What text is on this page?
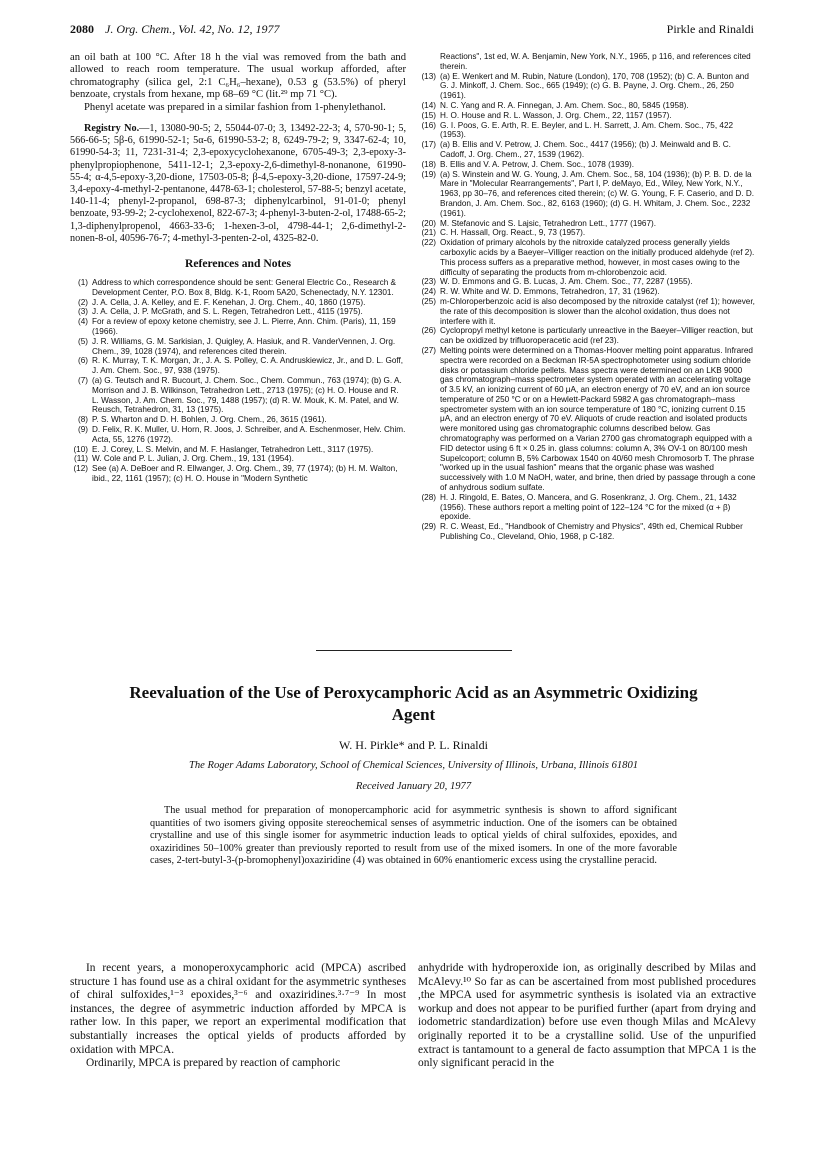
2080 J. Org. Chem., Vol. 42, No. 12, 1977	Pirkle and Rinaldi

an oil bath at 100 °C. After 18 h the vial was removed from the bath and allowed to reach room temperature. The usual workup afforded, after chromatography (silica gel, 2:1 C₆H₆–hexane), 0.53 g (53.5%) of pheryl benzoate, crystals from hexane, mp 68–69 °C (lit.²⁹ mp 71 °C).

Phenyl acetate was prepared in a similar fashion from 1-phenylethanol.

Registry No.—1, 13080-90-5; 2, 55044-07-0; 3, 13492-22-3; 4, 570-90-1; 5, 566-66-5; 5β-6, 61990-52-1; 5α-6, 61990-53-2; 8, 6249-79-2; 9, 3347-62-4; 10, 61990-54-3; 11, 7231-31-4; 2,3-epoxycyclohexanone, 6705-49-3; 2,3-epoxy-3-phenylpropiophenone, 5411-12-1; 2,3-epoxy-2,6-dimethyl-8-nonanone, 61990-55-4; α-4,5-epoxy-3,20-dione, 17503-05-8; β-4,5-epoxy-3,20-dione, 17597-24-9; 3,4-epoxy-4-methyl-2-pentanone, 4478-63-1; cholesterol, 57-88-5; benzyl acetate, 140-11-4; phenyl-2-propanol, 698-87-3; diphenylcarbinol, 91-01-0; phenyl benzoate, 93-99-2; 2-cyclohexenol, 822-67-3; 4-phenyl-3-buten-2-ol, 17488-65-2; 1,3-diphenylpropenol, 4663-33-6; 1-hexen-3-ol, 4798-44-1; 2,6-dimethyl-2-nonen-8-ol, 40596-76-7; 4-methyl-3-penten-2-ol, 4325-82-0.

References and Notes
(1) Address to which correspondence should be sent: General Electric Co., Research & Development Center, P.O. Box 8, Bldg. K-1, Room 5A20, Schenectady, N.Y. 12301.
(2) J. A. Cella, J. A. Kelley, and E. F. Kenehan, J. Org. Chem., 40, 1860 (1975).
(3) J. A. Cella, J. P. McGrath, and S. L. Regen, Tetrahedron Lett., 4115 (1975).
(4) For a review of epoxy ketone chemistry, see J. L. Pierre, Ann. Chim. (Paris), 11, 159 (1966).
(5) J. R. Williams, G. M. Sarkisian, J. Quigley, A. Hasiuk, and R. VanderVennen, J. Org. Chem., 39, 1028 (1974), and references cited therein.
(6) R. K. Murray, T. K. Morgan, Jr., J. A. S. Polley, C. A. Andruskiewicz, Jr., and D. L. Goff, J. Am. Chem. Soc., 97, 938 (1975).
(7) (a) G. Teutsch and R. Bucourt, J. Chem. Soc., Chem. Commun., 763 (1974); (b) G. A. Morrison and J. B. Wilkinson, Tetrahedron Lett., 2713 (1975); (c) H. O. House and R. L. Wasson, J. Am. Chem. Soc., 79, 1488 (1957); (d) R. W. Mouk, K. M. Patel, and W. Reusch, Tetrahedron, 31, 13 (1975).
(8) P. S. Wharton and D. H. Bohlen, J. Org. Chem., 26, 3615 (1961).
(9) D. Felix, R. K. Muller, U. Horn, R. Joos, J. Schreiber, and A. Eschenmoser, Helv. Chim. Acta, 55, 1276 (1972).
(10) E. J. Corey, L. S. Melvin, and M. F. Haslanger, Tetrahedron Lett., 3117 (1975).
(11) W. Cole and P. L. Julian, J. Org. Chem., 19, 131 (1954).
(12) See (a) A. DeBoer and R. Ellwanger, J. Org. Chem., 39, 77 (1974); (b) H. M. Walton, ibid., 22, 1161 (1957); (c) H. O. House in "Modern Synthetic
Reactions", 1st ed, W. A. Benjamin, New York, N.Y., 1965, p 116, and references cited therein.
(13) (a) E. Wenkert and M. Rubin, Nature (London), 170, 708 (1952); (b) C. A. Bunton and G. J. Minkoff, J. Chem. Soc., 665 (1949); (c) G. B. Payne, J. Org. Chem., 26, 250 (1961).
(14) N. C. Yang and R. A. Finnegan, J. Am. Chem. Soc., 80, 5845 (1958).
(15) H. O. House and R. L. Wasson, J. Org. Chem., 22, 1157 (1957).
(16) G. I. Poos, G. E. Arth, R. E. Beyler, and L. H. Sarrett, J. Am. Chem. Soc., 75, 422 (1953).
(17) (a) B. Ellis and V. Petrow, J. Chem. Soc., 4417 (1956); (b) J. Meinwald and B. C. Cadoff, J. Org. Chem., 27, 1539 (1962).
(18) B. Ellis and V. A. Petrow, J. Chem. Soc., 1078 (1939).
(19) (a) S. Winstein and W. G. Young, J. Am. Chem. Soc., 58, 104 (1936); (b) P. B. D. de la Mare in "Molecular Rearrangements", Part I, P. deMayo, Ed., Wiley, New York, N.Y., 1963, pp 30–76, and references cited therein; (c) W. G. Young, F. F. Caserio, and D. D. Brandon, J. Am. Chem. Soc., 82, 6163 (1960); (d) G. H. Whitam, J. Chem. Soc., 2232 (1961).
(20) M. Stefanovic and S. Lajsic, Tetrahedron Lett., 1777 (1967).
(21) C. H. Hassall, Org. React., 9, 73 (1957).
(22) Oxidation of primary alcohols by the nitroxide catalyzed process generally yields carboxylic acids by a Baeyer–Villiger reaction on the initially produced aldehyde (ref 2). This process suffers as a preparative method, however, in most cases owing to the difficulty of separating the products from m-chlorobenzoic acid.
(23) W. D. Emmons and G. B. Lucas, J. Am. Chem. Soc., 77, 2287 (1955).
(24) R. W. White and W. D. Emmons, Tetrahedron, 17, 31 (1962).
(25) m-Chloroperbenzoic acid is also decomposed by the nitroxide catalyst (ref 1); however, the rate of this decomposition is slower than the alcohol oxidation, thus does not interfere with it.
(26) Cyclopropyl methyl ketone is particularly unreactive in the Baeyer–Villiger reaction, but can be oxidized by trifluoroperacetic acid (ref 23).
(27) Melting points were determined on a Thomas-Hoover melting point apparatus. Infrared spectra were recorded on a Beckman IR-5A spectrophotometer using sodium chloride disks or potassium chloride pellets. Mass spectra were determined on an LKB 9000 gas chromatograph–mass spectrometer system operated with an accelerating voltage of 3.5 kV, an ionizing current of 60 μA, an electron energy of 70 eV, and an ion source temperature of 250 °C or on a Hewlett-Packard 5982 A gas chromatograph–mass spectrometer system with an ion source temperature of 180 °C, ionizing current 0.15 μA, and an electron energy of 70 eV. Aliquots of crude reaction and isolated products were monitored using gas chromatographic columns described below. Gas chromatography was performed on a Varian 2700 gas chromatograph equipped with a FID detector using 6 ft × 0.25 in. glass columns: column A, 3% OV-1 on 80/100 mesh Supelcoport; column B, 5% Carbowax 1540 on 40/60 mesh Chromosorb T. The phrase "worked up in the usual fashion" means that the organic phase was washed successively with 1.0 M NaOH, water, and brine, then dried by passage through a cone of anhydrous sodium sulfate.
(28) H. J. Ringold, E. Bates, O. Mancera, and G. Rosenkranz, J. Org. Chem., 21, 1432 (1956). These authors report a melting point of 122–124 °C for the mixed (α + β) epoxide.
(29) R. C. Weast, Ed., "Handbook of Chemistry and Physics", 49th ed, Chemical Rubber Publishing Co., Cleveland, Ohio, 1968, p C-182.
Reevaluation of the Use of Peroxycamphoric Acid as an Asymmetric Oxidizing Agent
W. H. Pirkle* and P. L. Rinaldi
The Roger Adams Laboratory, School of Chemical Sciences, University of Illinois, Urbana, Illinois 61801
Received January 20, 1977

The usual method for preparation of monopercamphoric acid for asymmetric synthesis is shown to afford significant quantities of two isomers giving opposite stereochemical senses of asymmetric induction. One of the isomers can be obtained crystalline and use of this single isomer for asymmetric induction leads to optical yields of chiral sulfoxides, epoxides, and oxaziridines 50–100% greater than previously reported to result from use of the mixed isomers. In one of the more favorable cases, 2-tert-butyl-3-(p-bromophenyl)oxaziridine (4) was obtained in 60% enantiomeric excess using the crystalline peracid.

In recent years, a monoperoxycamphoric acid (MPCA) ascribed structure 1 has found use as a chiral oxidant for the asymmetric syntheses of chiral sulfoxides,¹⁻³ epoxides,³⁻⁶ and oxaziridines.³·⁷⁻⁹ In most instances, the degree of asymmetric induction afforded by MPCA is rather low. In this paper, we report an experimental modification that substantially increases the optical yields of products afforded by oxidation with MPCA.

Ordinarily, MPCA is prepared by reaction of camphoric

anhydride with hydroperoxide ion, as originally described by Milas and McAlevy.¹⁰ So far as can be ascertained from most published procedures ,the MPCA used for asymmetric synthesis is isolated via an extractive workup and does not appear to be purified further (apart from drying and iodometric standardization) before use even though Milas and McAlevy originally reported it to be a crystalline solid. Use of the unpurified extract is tantamount to a general de facto assumption that MPCA 1 is the only significant peracid in the
